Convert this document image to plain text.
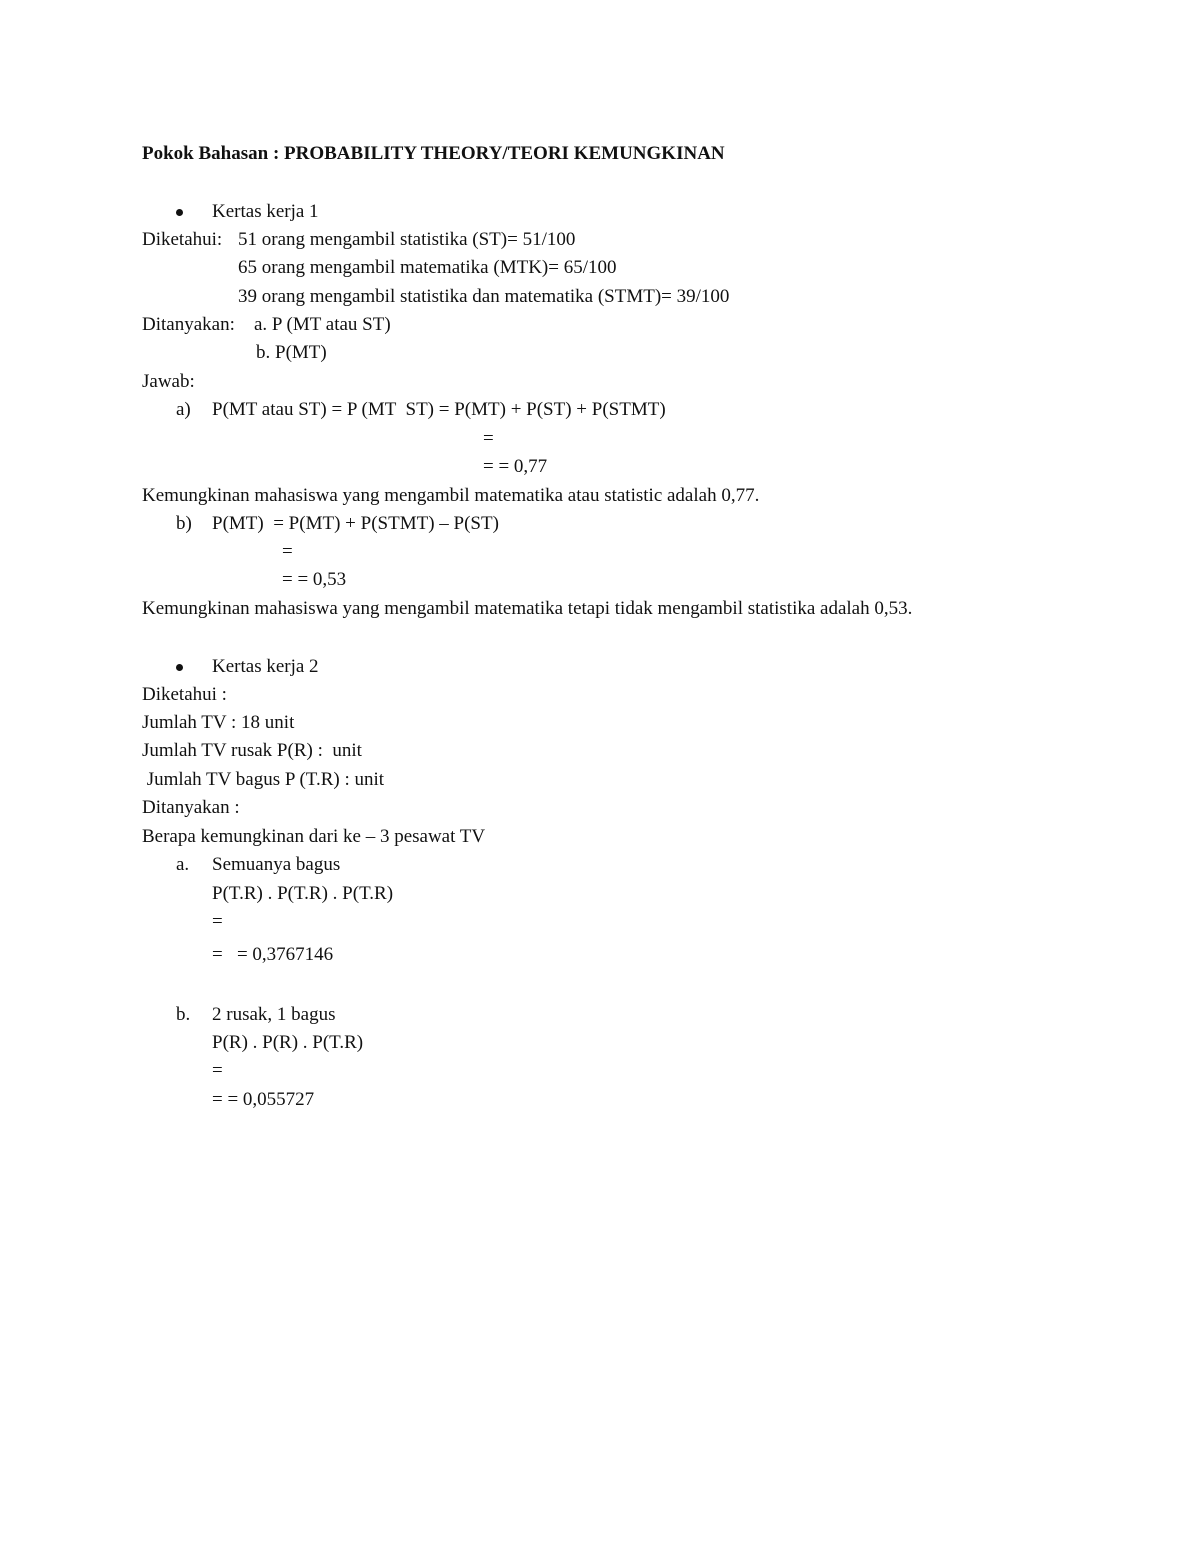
Pokok Bahasan : PROBABILITY THEORY/TEORI KEMUNGKINAN
Kertas kerja 1
Diketahui: 51 orang mengambil statistika (ST)= 51/100
65 orang mengambil matematika (MTK)= 65/100
39 orang mengambil statistika dan matematika (STMT)= 39/100
Ditanyakan: a. P (MT atau ST)
b. P(MT)
Jawab:
a) P(MT atau ST) = P (MT  ST) = P(MT) + P(ST) + P(STMT)
=
= = 0,77
Kemungkinan mahasiswa yang mengambil matematika atau statistic adalah 0,77.
b) P(MT)  = P(MT) + P(STMT) – P(ST)
=
= = 0,53
Kemungkinan mahasiswa yang mengambil matematika tetapi tidak mengambil statistika adalah 0,53.
Kertas kerja 2
Diketahui :
Jumlah TV : 18 unit
Jumlah TV rusak P(R) :  unit
Jumlah TV bagus P (T.R) : unit
Ditanyakan :
Berapa kemungkinan dari ke – 3 pesawat TV
a. Semuanya bagus
P(T.R) . P(T.R) . P(T.R)
=
=   = 0,3767146
b. 2 rusak, 1 bagus
P(R) . P(R) . P(T.R)
=
= = 0,055727
